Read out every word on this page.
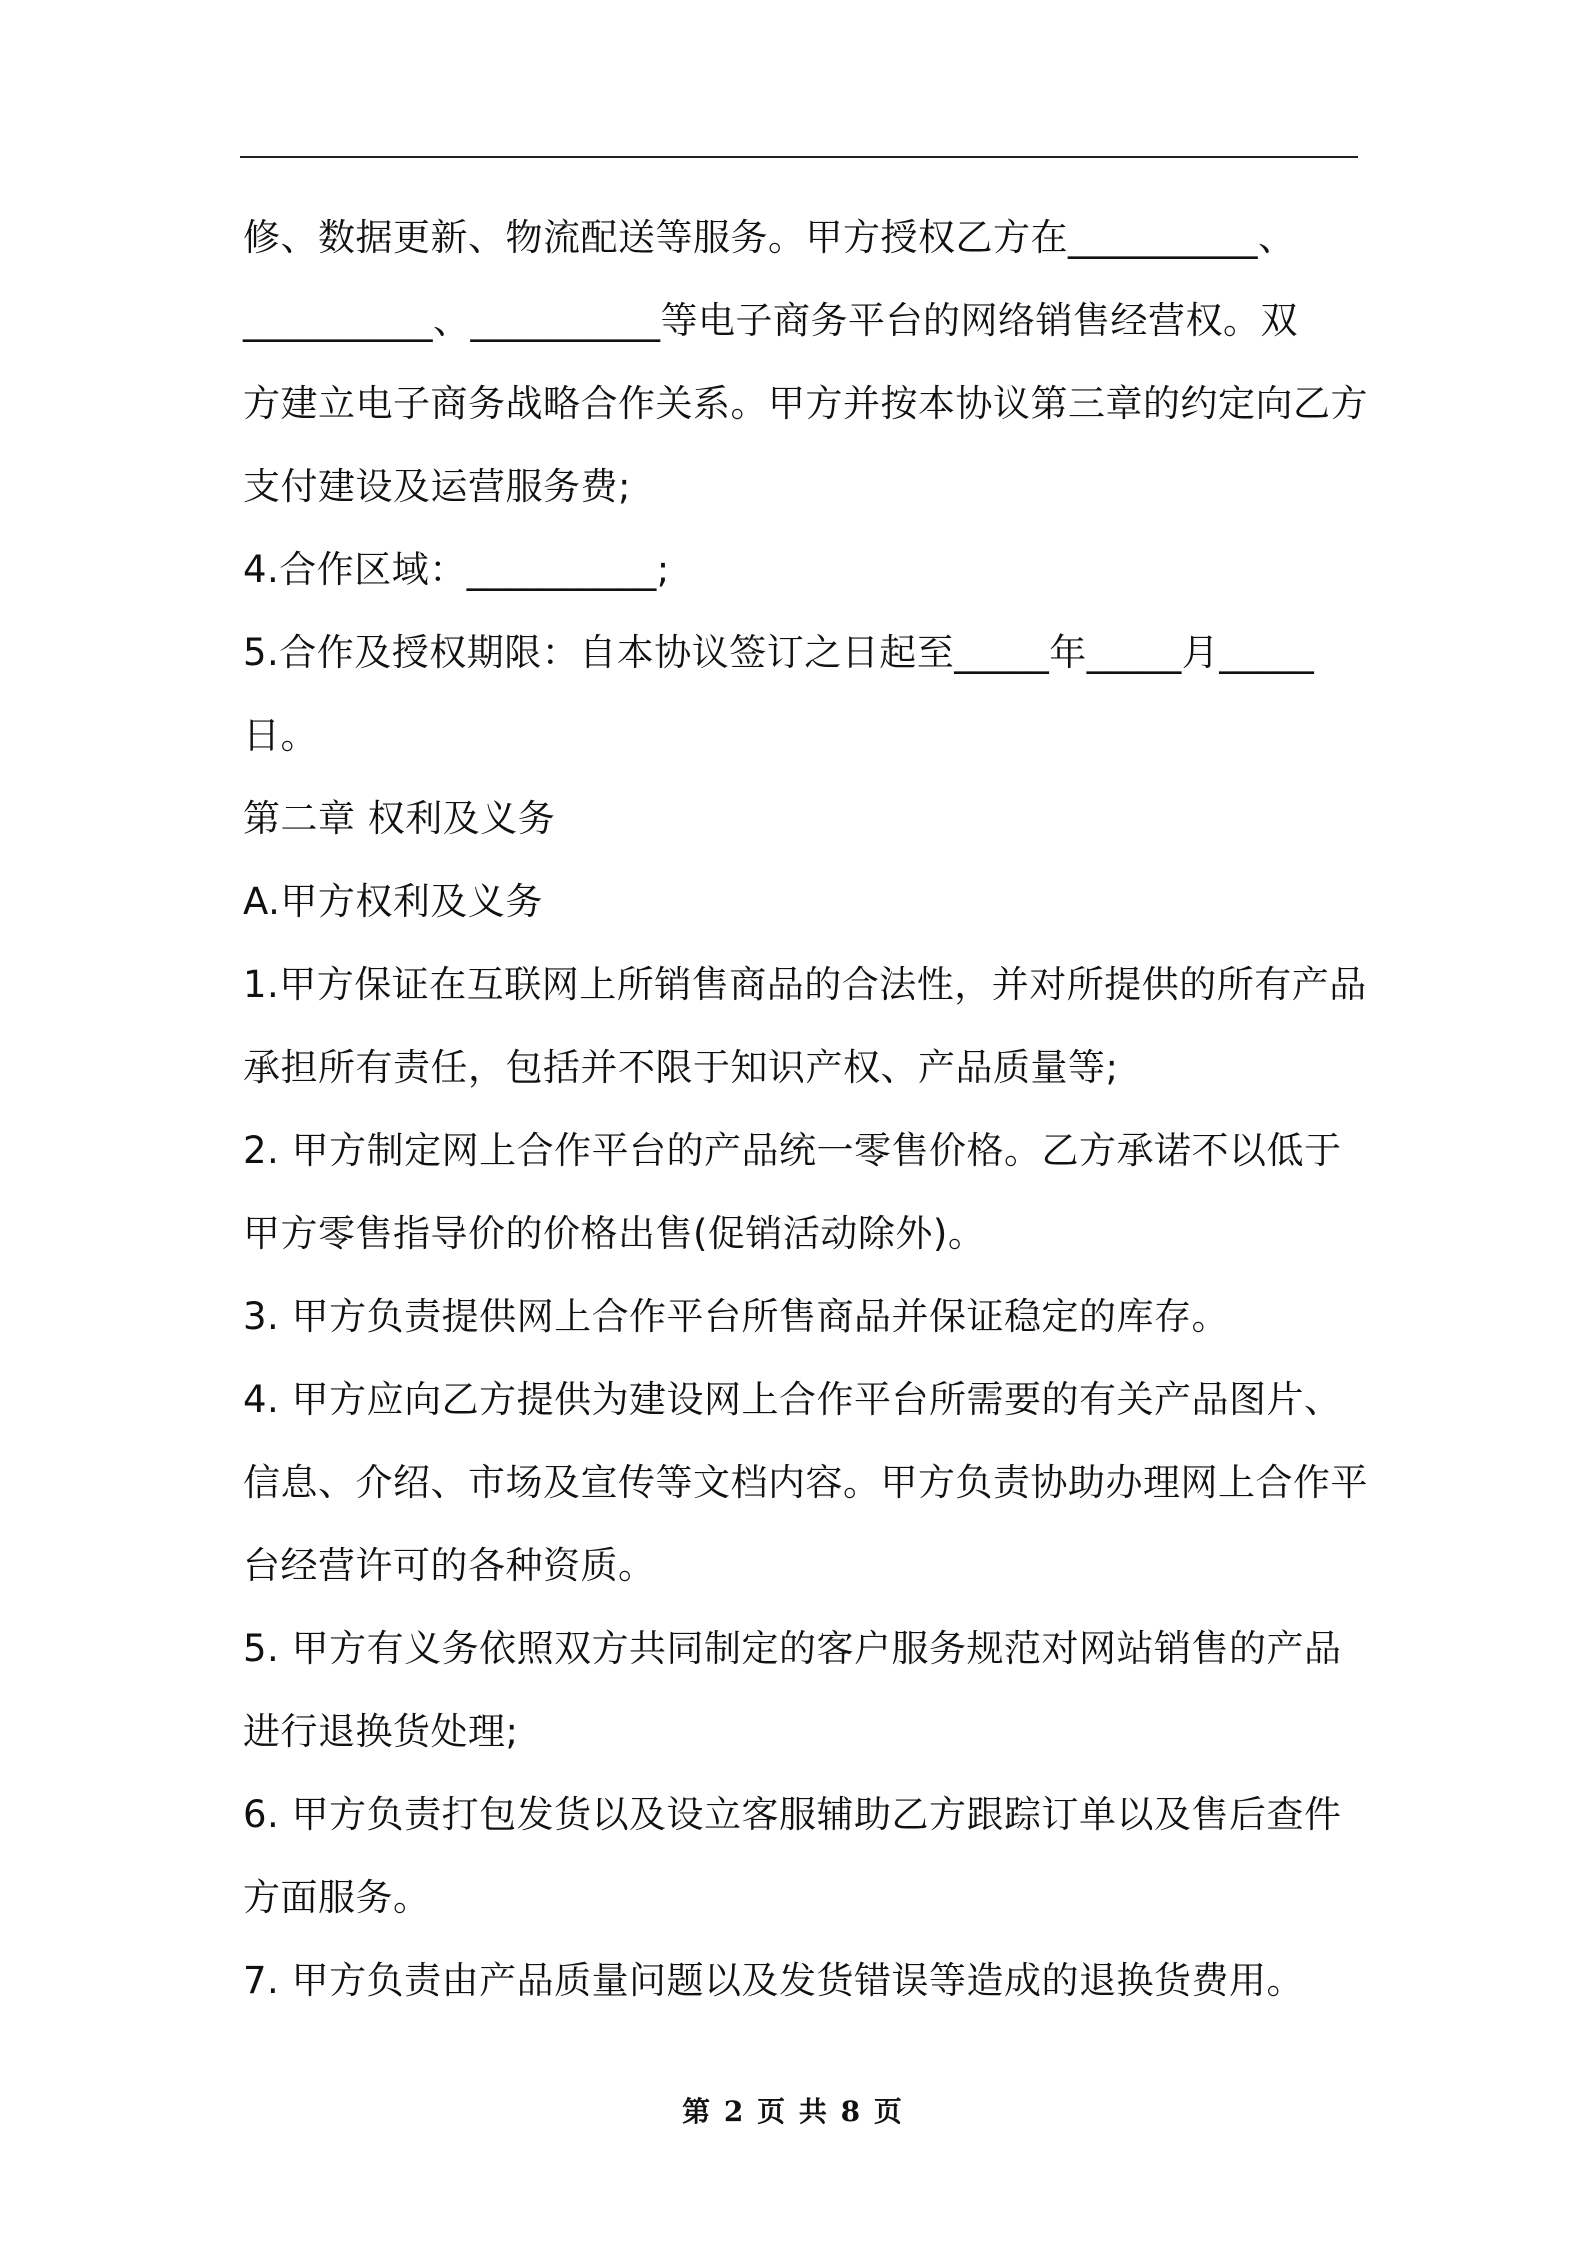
修、数据更新、物流配送等服务。甲方授权乙方在__________、
__________、__________等电子商务平台的网络销售经营权。双
方建立电子商务战略合作关系。甲方并按本协议第三章的约定向乙方
支付建设及运营服务费;
4.合作区域：__________;
5.合作及授权期限：自本协议签订之日起至_____年_____月_____
日。
第二章 权利及义务
A.甲方权利及义务
1.甲方保证在互联网上所销售商品的合法性，并对所提供的所有产品
承担所有责任，包括并不限于知识产权、产品质量等;
2. 甲方制定网上合作平台的产品统一零售价格。乙方承诺不以低于
甲方零售指导价的价格出售(促销活动除外)。
3. 甲方负责提供网上合作平台所售商品并保证稳定的库存。
4. 甲方应向乙方提供为建设网上合作平台所需要的有关产品图片、
信息、介绍、市场及宣传等文档内容。甲方负责协助办理网上合作平
台经营许可的各种资质。
5. 甲方有义务依照双方共同制定的客户服务规范对网站销售的产品
进行退换货处理;
6. 甲方负责打包发货以及设立客服辅助乙方跟踪订单以及售后查件
方面服务。
7. 甲方负责由产品质量问题以及发货错误等造成的退换货费用。
第 2 页 共 8 页
